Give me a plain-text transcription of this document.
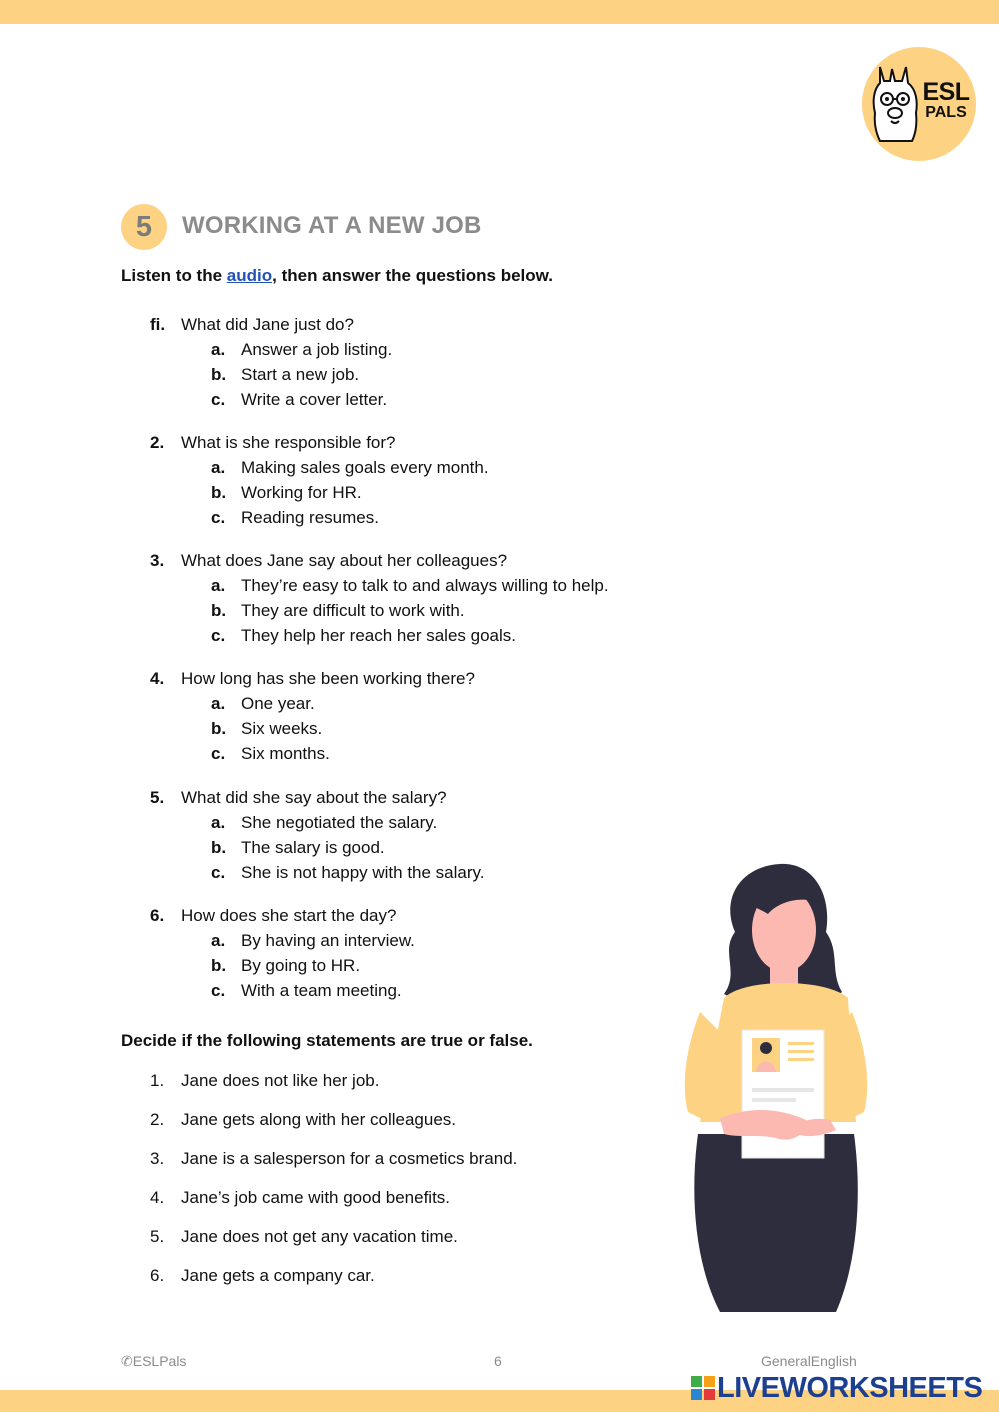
ESL
PALS
5	WORKING AT A NEW JOB
Listen to the audio, then answer the questions below.
fi. What did Jane just do?
a. Answer a job listing.
b. Start a new job.
c. Write a cover letter.
2. What is she responsible for?
a. Making sales goals every month.
b. Working for HR.
c. Reading resumes.
3. What does Jane say about her colleagues?
a. They’re easy to talk to and always willing to help.
b. They are difficult to work with.
c. They help her reach her sales goals.
4. How long has she been working there?
a. One year.
b. Six weeks.
c. Six months.
5. What did she say about the salary?
a. She negotiated the salary.
b. The salary is good.
c. She is not happy with the salary.
6. How does she start the day?
a. By having an interview.
b. By going to HR.
c. With a team meeting.
Decide if the following statements are true or false.
1. Jane does not like her job.
2. Jane gets along with her colleagues.
3. Jane is a salesperson for a cosmetics brand.
4. Jane’s job came with good benefits.
5. Jane does not get any vacation time.
6. Jane gets a company car.
✆ESLPals	6	GeneralEnglish
LIVEWORKSHEETS
